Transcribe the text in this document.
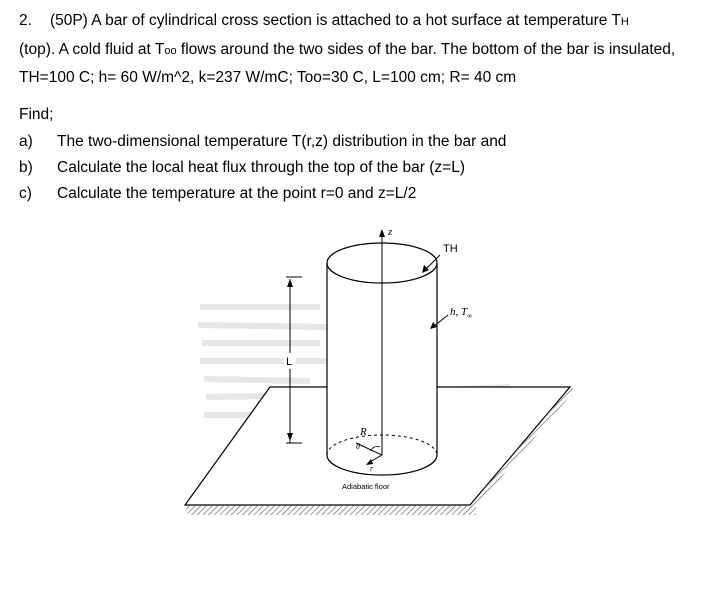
2. (50P) A bar of cylindrical cross section is attached to a hot surface at temperature TH
(top). A cold fluid at Too flows around the two sides of the bar. The bottom of the bar is insulated,
TH=100 C; h= 60 W/m^2, k=237 W/mC; Too=30 C, L=100 cm; R= 40 cm
Find;
a) The two-dimensional temperature T(r,z) distribution in the bar and
b) Calculate the local heat flux through the top of the bar (z=L)
c) Calculate the temperature at the point r=0 and z=L/2
z
R
θ
r
L
TH
h, $T_\infty$
Adiabatic floor
